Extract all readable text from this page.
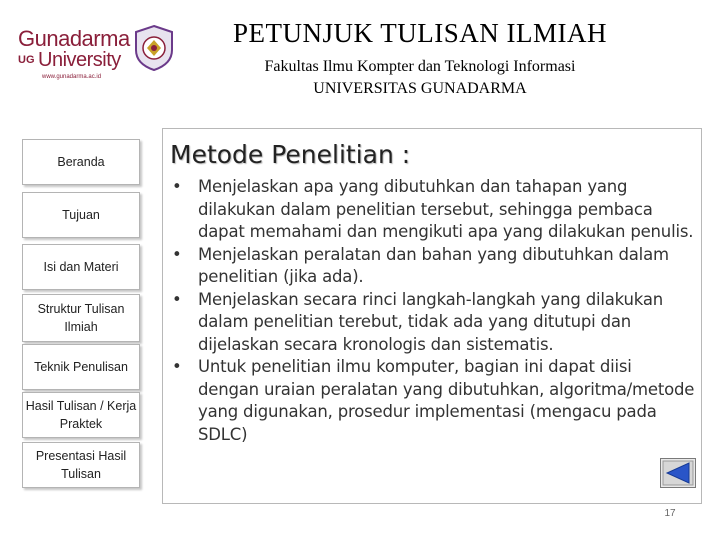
Gunadarma
UG University
www.gunadarma.ac.id
PETUNJUK TULISAN ILMIAH
Fakultas Ilmu Kompter dan Teknologi Informasi
UNIVERSITAS GUNADARMA
Beranda
Tujuan
Isi dan Materi
Struktur Tulisan Ilmiah
Teknik Penulisan
Hasil Tulisan / Kerja Praktek
Presentasi Hasil Tulisan
Metode Penelitian :
• Menjelaskan apa yang dibutuhkan dan tahapan yang dilakukan dalam penelitian tersebut, sehingga pembaca dapat memahami dan mengikuti apa yang dilakukan penulis.
• Menjelaskan peralatan dan bahan yang dibutuhkan dalam penelitian (jika ada).
• Menjelaskan secara rinci langkah-langkah yang dilakukan dalam penelitian terebut, tidak ada yang ditutupi dan dijelaskan secara kronologis dan sistematis.
• Untuk penelitian ilmu komputer, bagian ini dapat diisi dengan uraian peralatan yang dibutuhkan, algoritma/metode yang digunakan, prosedur implementasi (mengacu pada SDLC)
17
